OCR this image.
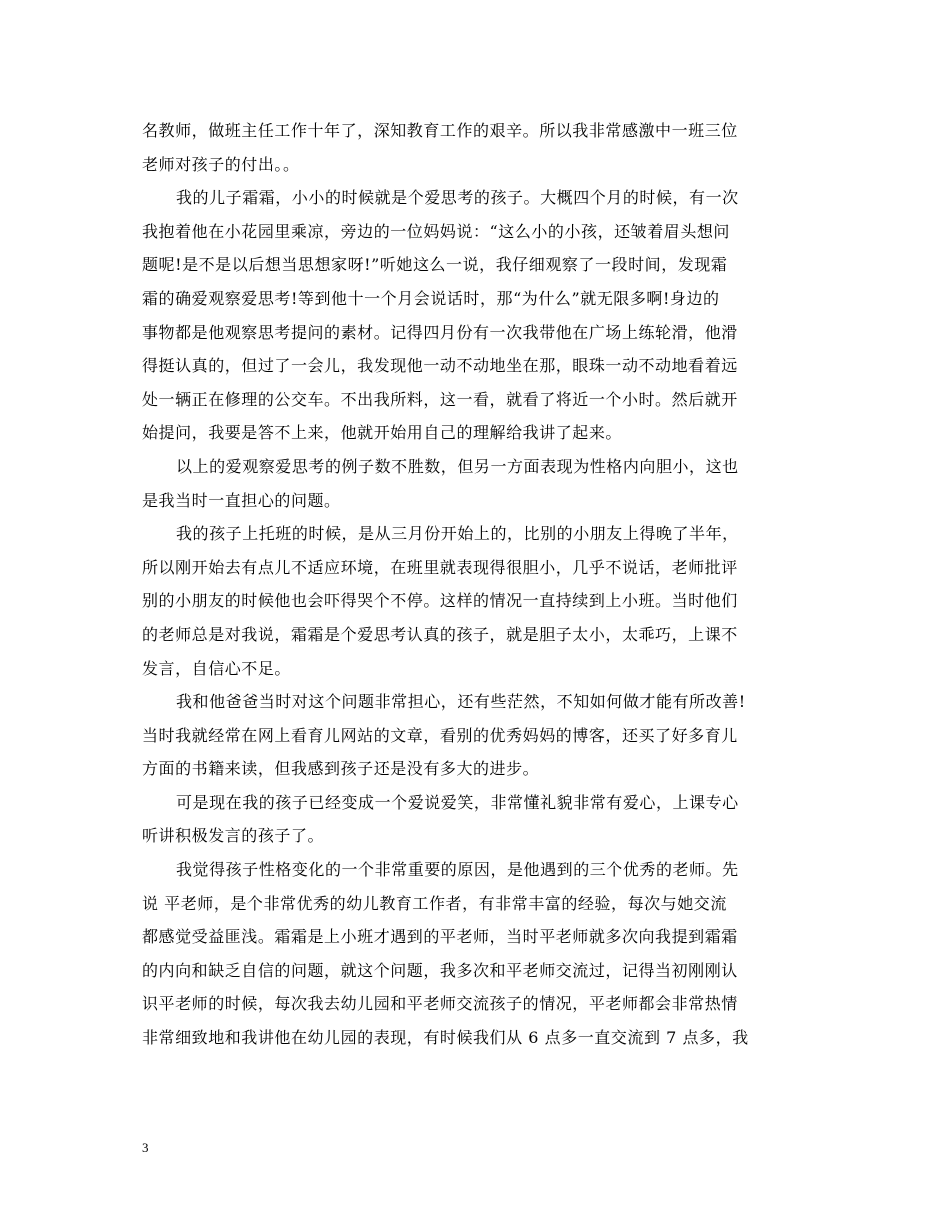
名教师，做班主任工作十年了，深知教育工作的艰辛。所以我非常感激中一班三位
老师对孩子的付出。。
我的儿子霜霜，小小的时候就是个爱思考的孩子。大概四个月的时候，有一次
我抱着他在小花园里乘凉，旁边的一位妈妈说：“这么小的小孩，还皱着眉头想问
题呢!是不是以后想当思想家呀!”听她这么一说，我仔细观察了一段时间，发现霜
霜的确爱观察爱思考!等到他十一个月会说话时，那“为什么”就无限多啊!身边的
事物都是他观察思考提问的素材。记得四月份有一次我带他在广场上练轮滑，他滑
得挺认真的，但过了一会儿，我发现他一动不动地坐在那，眼珠一动不动地看着远
处一辆正在修理的公交车。不出我所料，这一看，就看了将近一个小时。然后就开
始提问，我要是答不上来，他就开始用自己的理解给我讲了起来。
以上的爱观察爱思考的例子数不胜数，但另一方面表现为性格内向胆小，这也
是我当时一直担心的问题。
我的孩子上托班的时候，是从三月份开始上的，比别的小朋友上得晚了半年，
所以刚开始去有点儿不适应环境，在班里就表现得很胆小，几乎不说话，老师批评
别的小朋友的时候他也会吓得哭个不停。这样的情况一直持续到上小班。当时他们
的老师总是对我说，霜霜是个爱思考认真的孩子，就是胆子太小，太乖巧，上课不
发言，自信心不足。
我和他爸爸当时对这个问题非常担心，还有些茫然，不知如何做才能有所改善!
当时我就经常在网上看育儿网站的文章，看别的优秀妈妈的博客，还买了好多育儿
方面的书籍来读，但我感到孩子还是没有多大的进步。
可是现在我的孩子已经变成一个爱说爱笑，非常懂礼貌非常有爱心，上课专心
听讲积极发言的孩子了。
我觉得孩子性格变化的一个非常重要的原因，是他遇到的三个优秀的老师。先
说 平老师，是个非常优秀的幼儿教育工作者，有非常丰富的经验，每次与她交流
都感觉受益匪浅。霜霜是上小班才遇到的平老师，当时平老师就多次向我提到霜霜
的内向和缺乏自信的问题，就这个问题，我多次和平老师交流过，记得当初刚刚认
识平老师的时候，每次我去幼儿园和平老师交流孩子的情况，平老师都会非常热情
非常细致地和我讲他在幼儿园的表现，有时候我们从 6 点多一直交流到 7 点多，我
3
